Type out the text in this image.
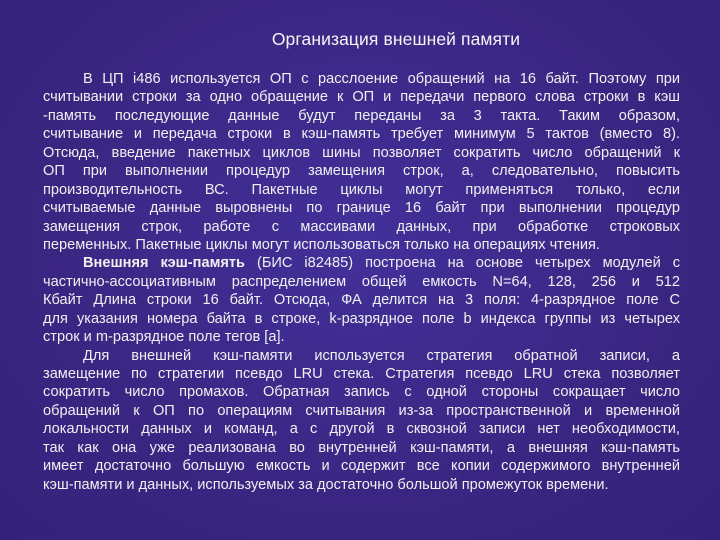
Организация внешней памяти
В ЦП i486 используется ОП с расслоение обращений на 16 байт. Поэтому при
считывании строки за одно обращение к ОП и передачи первого слова строки в кэш
-память последующие данные будут переданы за 3 такта. Таким образом,
считывание и передача строки в кэш-память требует минимум 5 тактов (вместо 8).
Отсюда, введение пакетных циклов шины позволяет сократить число обращений к
ОП при выполнении процедур замещения строк, а, следовательно, повысить
производительность ВС. Пакетные циклы могут применяться только, если
считываемые данные выровнены по границе 16 байт при выполнении процедур
замещения строк, работе с массивами данных, при обработке строковых
переменных. Пакетные циклы могут использоваться только на операциях чтения.
Внешняя кэш-память (БИС i82485) построена на основе четырех модулей с
частично-ассоциативным распределением общей емкость N=64, 128, 256 и 512
Кбайт Длина строки 16 байт. Отсюда, ФА делится на 3 поля: 4-разрядное поле С
для указания номера байта в строке, k-разрядное поле b индекса группы из четырех
строк и m-разрядное поле тегов [a].
Для внешней кэш-памяти используется стратегия обратной записи, а
замещение по стратегии псевдо LRU стека. Стратегия псевдо LRU стека позволяет
сократить число промахов. Обратная запись с одной стороны сокращает число
обращений к ОП по операциям считывания из-за пространственной и временной
локальности данных и команд, а с другой в сквозной записи нет необходимости,
так как она уже реализована во внутренней кэш-памяти, а внешняя кэш-память
имеет достаточно большую емкость и содержит все копии содержимого внутренней
кэш-памяти и данных, используемых за достаточно большой промежуток времени.
